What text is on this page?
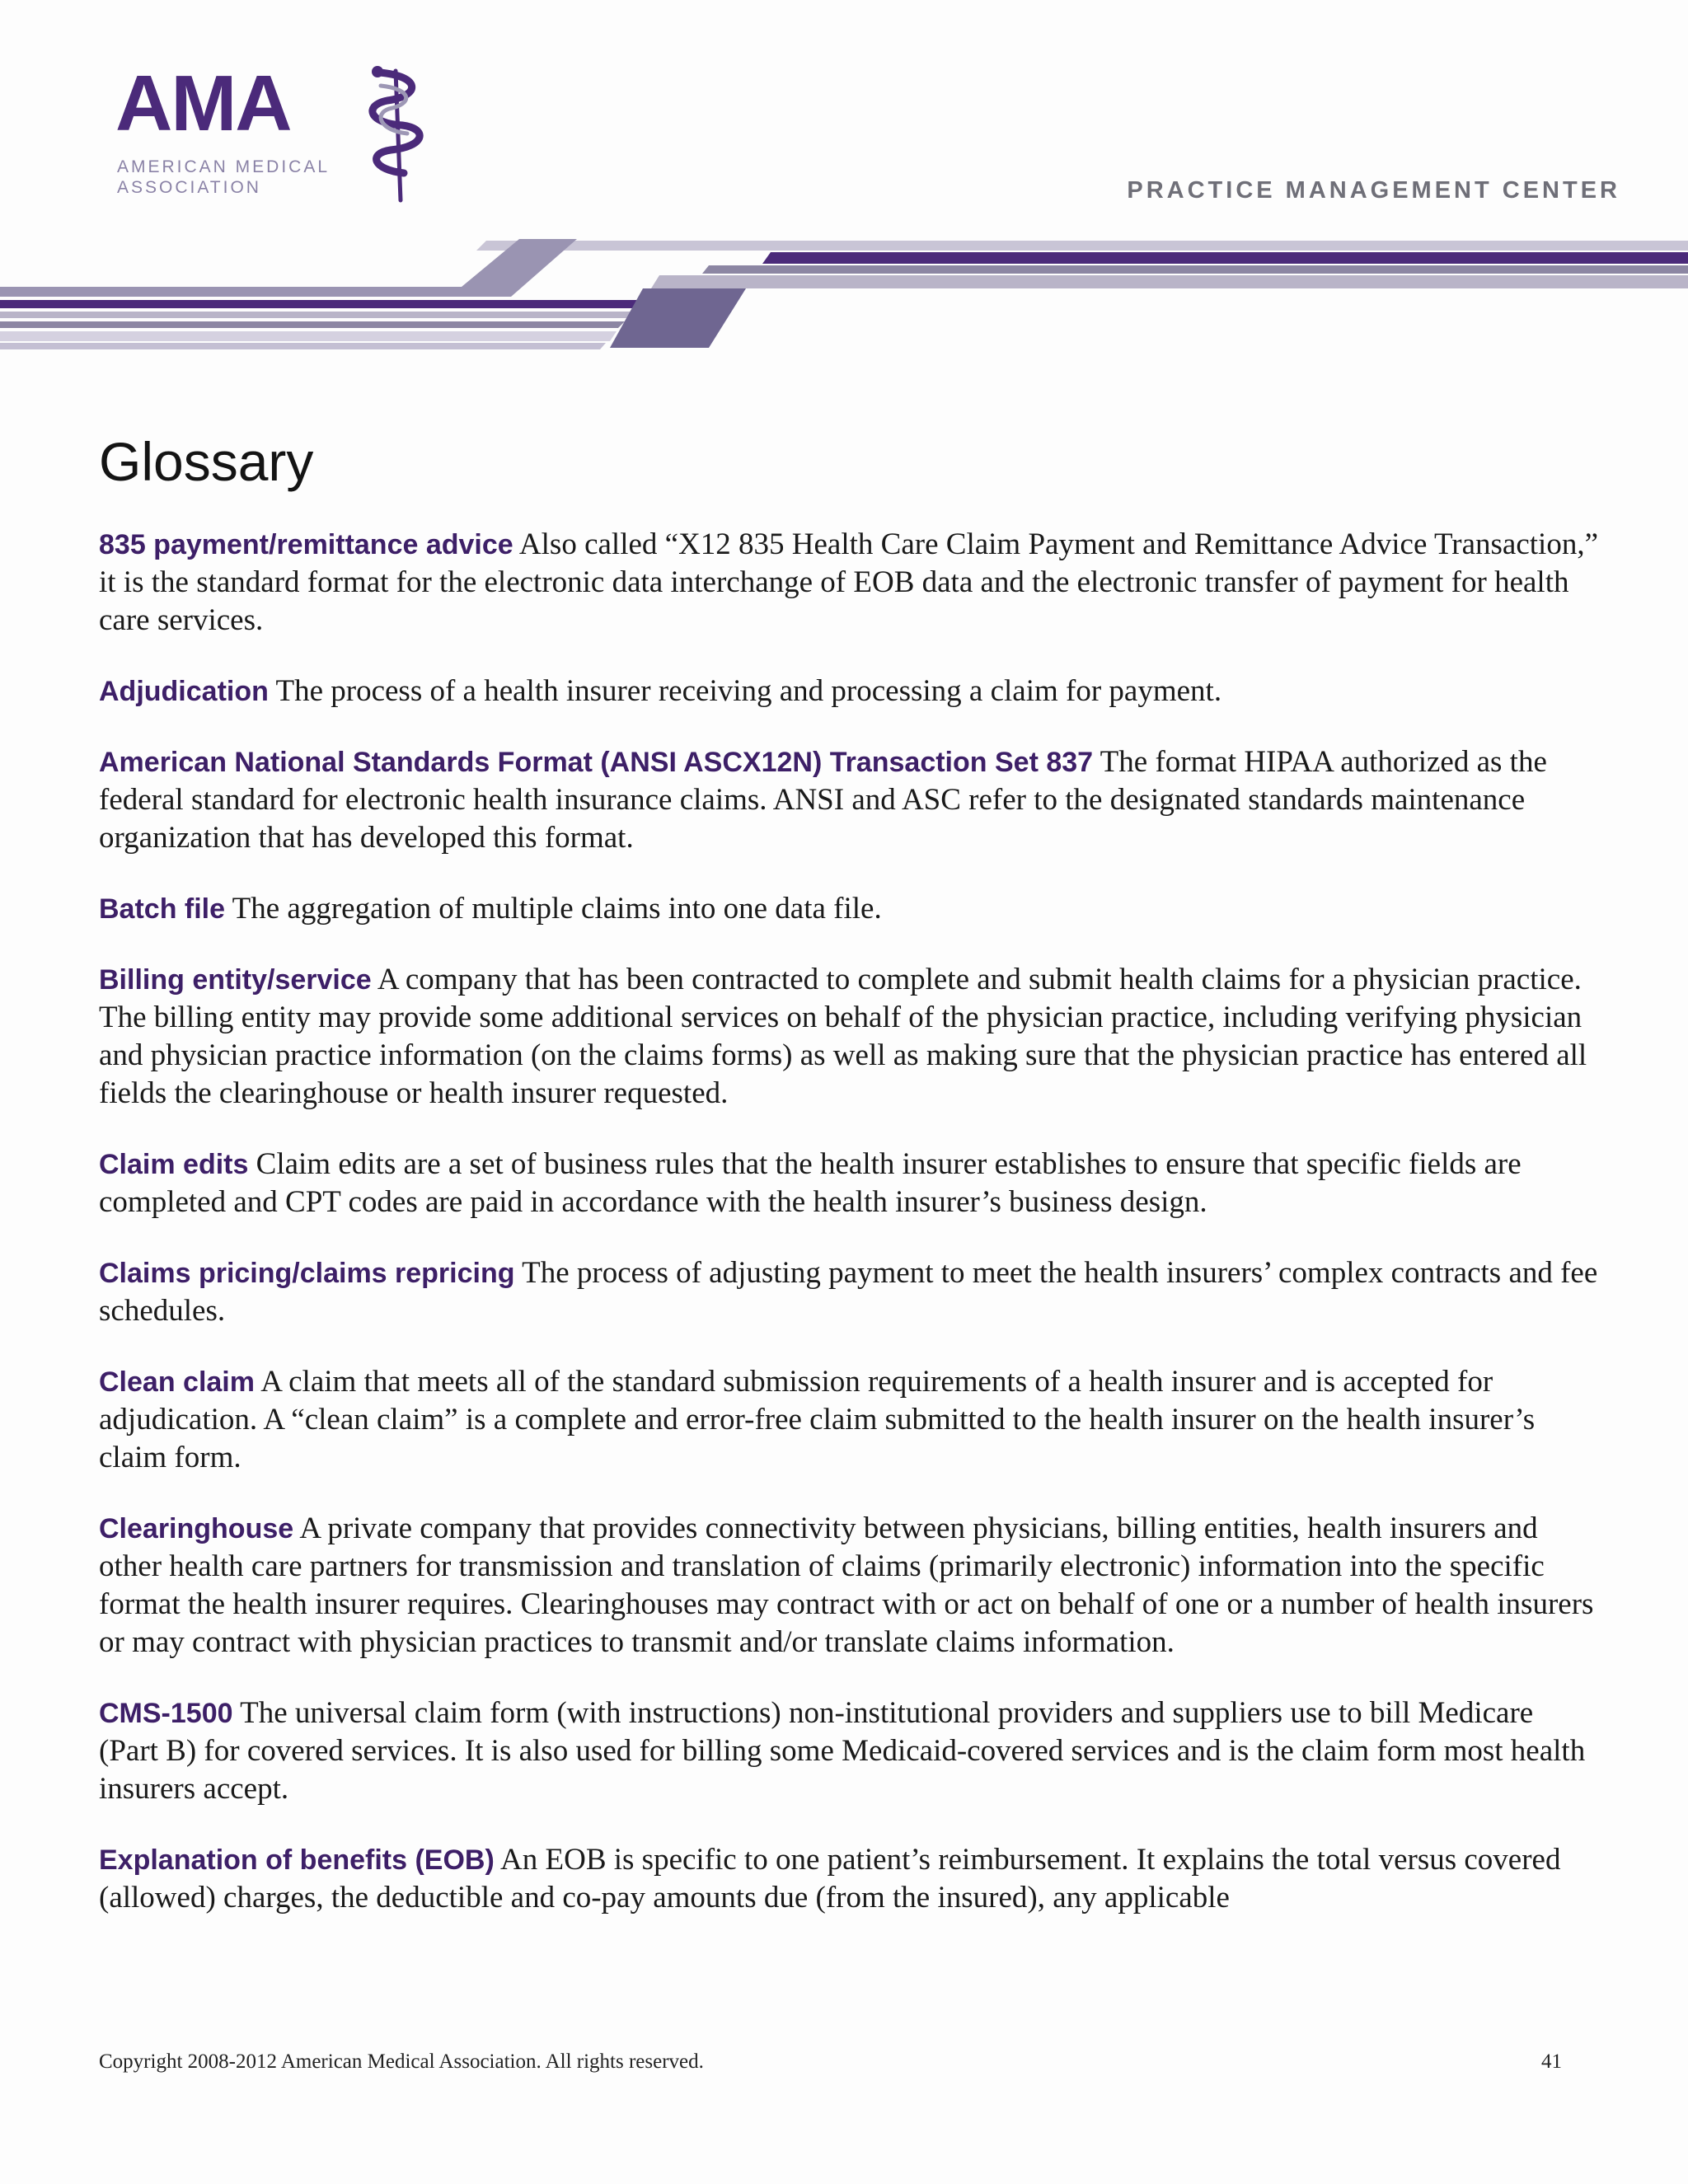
AMA
AMERICAN MEDICAL
ASSOCIATION	PRACTICE MANAGEMENT CENTER
Glossary

835 payment/remittance advice Also called “X12 835 Health Care Claim Payment and Remittance Advice Transaction,” it is the standard format for the electronic data interchange of EOB data and the electronic transfer of payment for health care services.

Adjudication The process of a health insurer receiving and processing a claim for payment.

American National Standards Format (ANSI ASCX12N) Transaction Set 837 The format HIPAA authorized as the federal standard for electronic health insurance claims. ANSI and ASC refer to the designated standards maintenance organization that has developed this format.

Batch file The aggregation of multiple claims into one data file.

Billing entity/service A company that has been contracted to complete and submit health claims for a physician practice. The billing entity may provide some additional services on behalf of the physician practice, including verifying physician and physician practice information (on the claims forms) as well as making sure that the physician practice has entered all fields the clearinghouse or health insurer requested.

Claim edits Claim edits are a set of business rules that the health insurer establishes to ensure that specific fields are completed and CPT codes are paid in accordance with the health insurer’s business design.

Claims pricing/claims repricing The process of adjusting payment to meet the health insurers’ complex contracts and fee schedules.

Clean claim A claim that meets all of the standard submission requirements of a health insurer and is accepted for adjudication. A “clean claim” is a complete and error-free claim submitted to the health insurer on the health insurer’s claim form.

Clearinghouse A private company that provides connectivity between physicians, billing entities, health insurers and other health care partners for transmission and translation of claims (primarily electronic) information into the specific format the health insurer requires. Clearinghouses may contract with or act on behalf of one or a number of health insurers or may contract with physician practices to transmit and/or translate claims information.

CMS-1500 The universal claim form (with instructions) non-institutional providers and suppliers use to bill Medicare (Part B) for covered services. It is also used for billing some Medicaid-covered services and is the claim form most health insurers accept.

Explanation of benefits (EOB) An EOB is specific to one patient’s reimbursement. It explains the total versus covered (allowed) charges, the deductible and co-pay amounts due (from the insured), any applicable

Copyright 2008-2012 American Medical Association. All rights reserved.	41
